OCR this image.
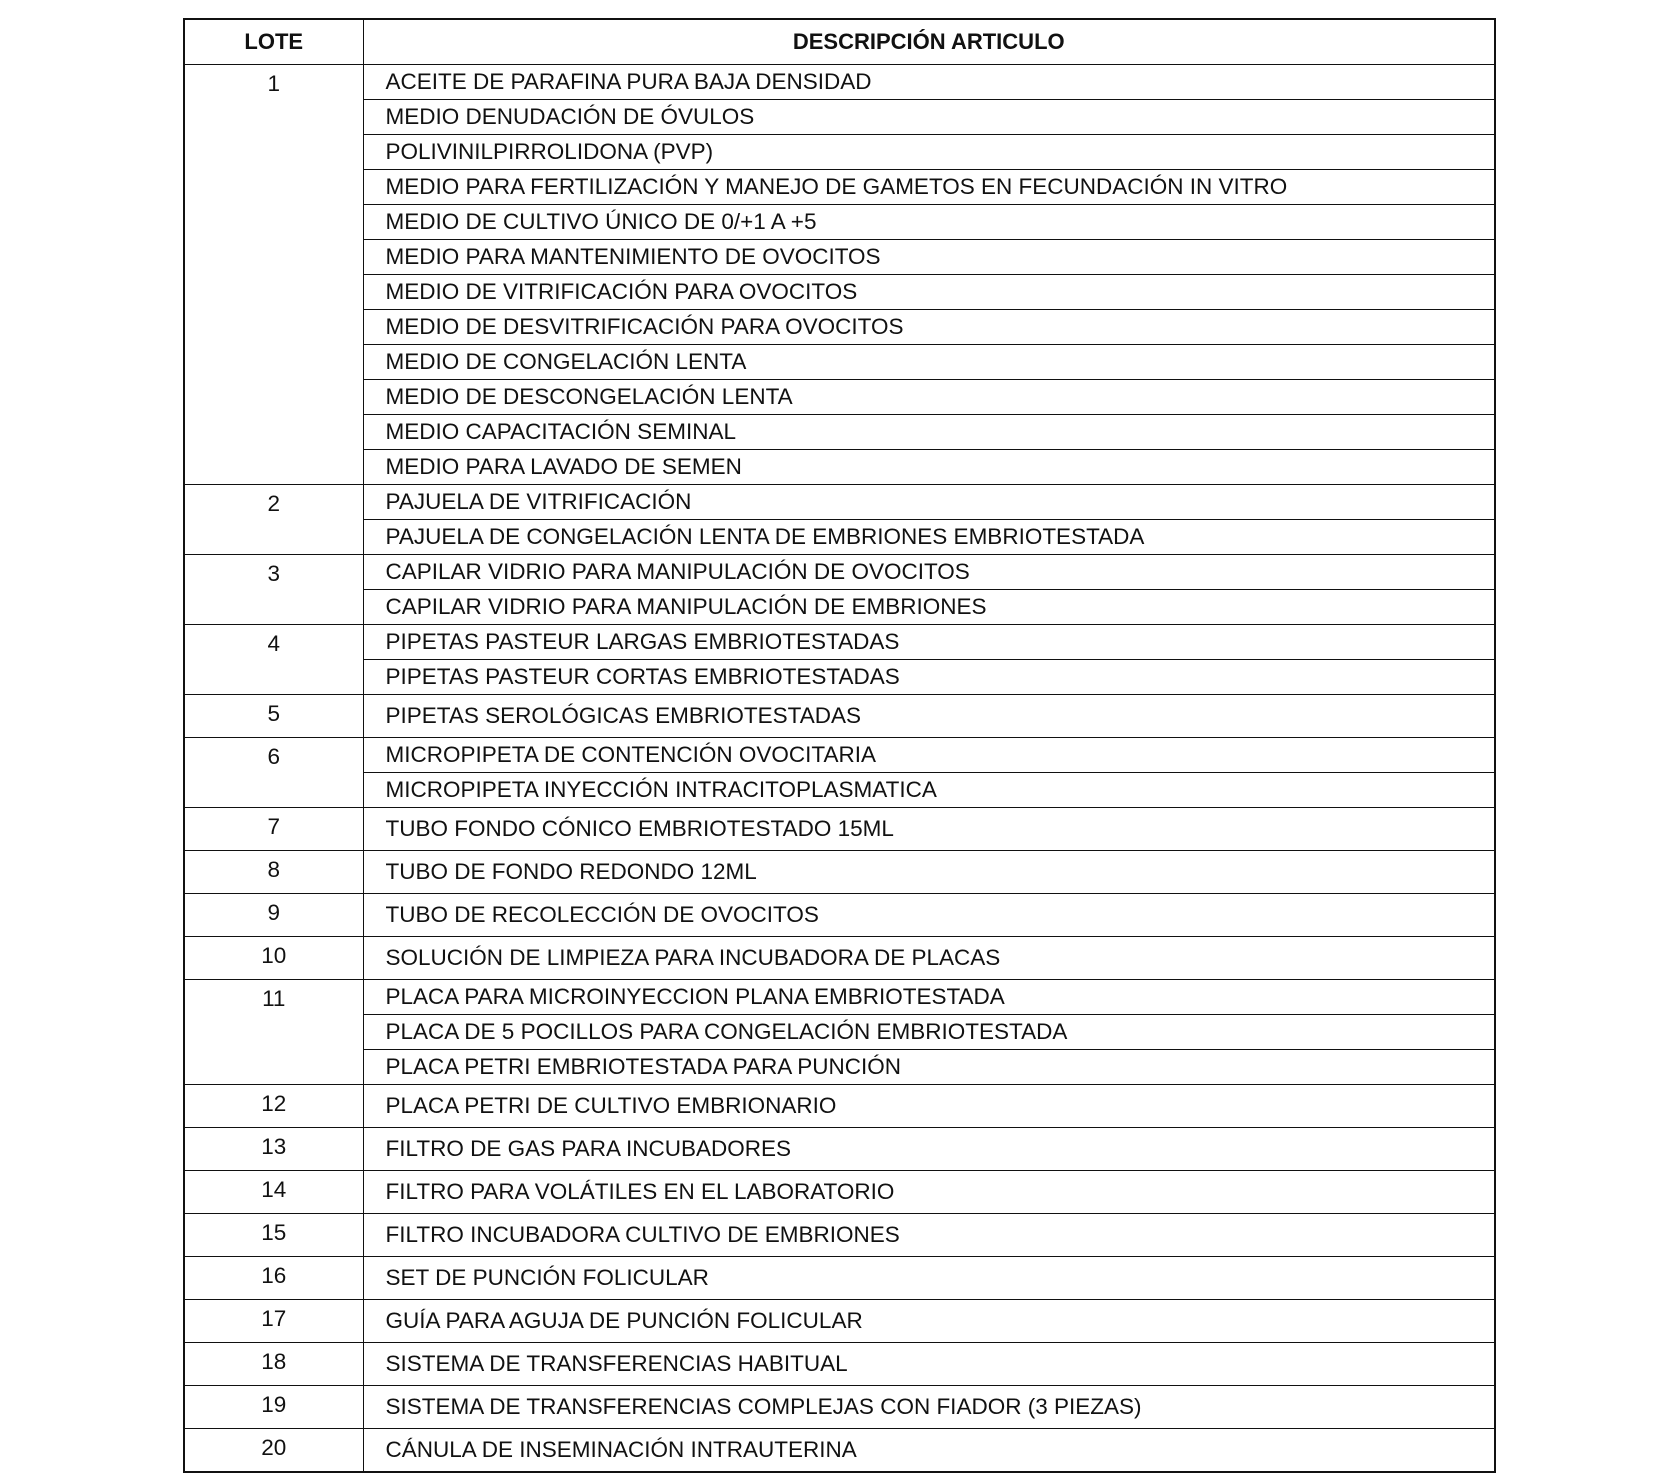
LOTE	DESCRIPCIÓN ARTICULO
1	ACEITE DE PARAFINA PURA BAJA DENSIDAD
	MEDIO DENUDACIÓN DE ÓVULOS
	POLIVINILPIRROLIDONA (PVP)
	MEDIO PARA FERTILIZACIÓN Y MANEJO DE GAMETOS EN FECUNDACIÓN IN VITRO
	MEDIO DE CULTIVO ÚNICO DE 0/+1 A +5
	MEDIO PARA MANTENIMIENTO DE OVOCITOS
	MEDIO DE VITRIFICACIÓN PARA OVOCITOS
	MEDIO DE DESVITRIFICACIÓN PARA OVOCITOS
	MEDIO DE CONGELACIÓN LENTA
	MEDIO DE DESCONGELACIÓN LENTA
	MEDIO CAPACITACIÓN SEMINAL
	MEDIO PARA LAVADO DE SEMEN
2	PAJUELA DE VITRIFICACIÓN
	PAJUELA DE CONGELACIÓN LENTA DE EMBRIONES EMBRIOTESTADA
3	CAPILAR VIDRIO PARA MANIPULACIÓN DE OVOCITOS
	CAPILAR VIDRIO PARA MANIPULACIÓN DE EMBRIONES
4	PIPETAS PASTEUR LARGAS EMBRIOTESTADAS
	PIPETAS PASTEUR CORTAS EMBRIOTESTADAS
5	PIPETAS SEROLÓGICAS EMBRIOTESTADAS
6	MICROPIPETA DE CONTENCIÓN OVOCITARIA
	MICROPIPETA INYECCIÓN INTRACITOPLASMATICA
7	TUBO FONDO CÓNICO EMBRIOTESTADO 15ML
8	TUBO DE FONDO REDONDO 12ML
9	TUBO DE RECOLECCIÓN DE OVOCITOS
10	SOLUCIÓN DE LIMPIEZA PARA INCUBADORA DE PLACAS
11	PLACA PARA MICROINYECCION PLANA EMBRIOTESTADA
	PLACA DE 5 POCILLOS PARA CONGELACIÓN EMBRIOTESTADA
	PLACA PETRI EMBRIOTESTADA PARA PUNCIÓN
12	PLACA PETRI DE CULTIVO EMBRIONARIO
13	FILTRO DE GAS PARA INCUBADORES
14	FILTRO PARA VOLÁTILES EN EL LABORATORIO
15	FILTRO INCUBADORA CULTIVO DE EMBRIONES
16	SET DE PUNCIÓN FOLICULAR
17	GUÍA PARA AGUJA DE PUNCIÓN FOLICULAR
18	SISTEMA DE TRANSFERENCIAS HABITUAL
19	SISTEMA DE TRANSFERENCIAS COMPLEJAS CON FIADOR (3 PIEZAS)
20	CÁNULA DE INSEMINACIÓN INTRAUTERINA
